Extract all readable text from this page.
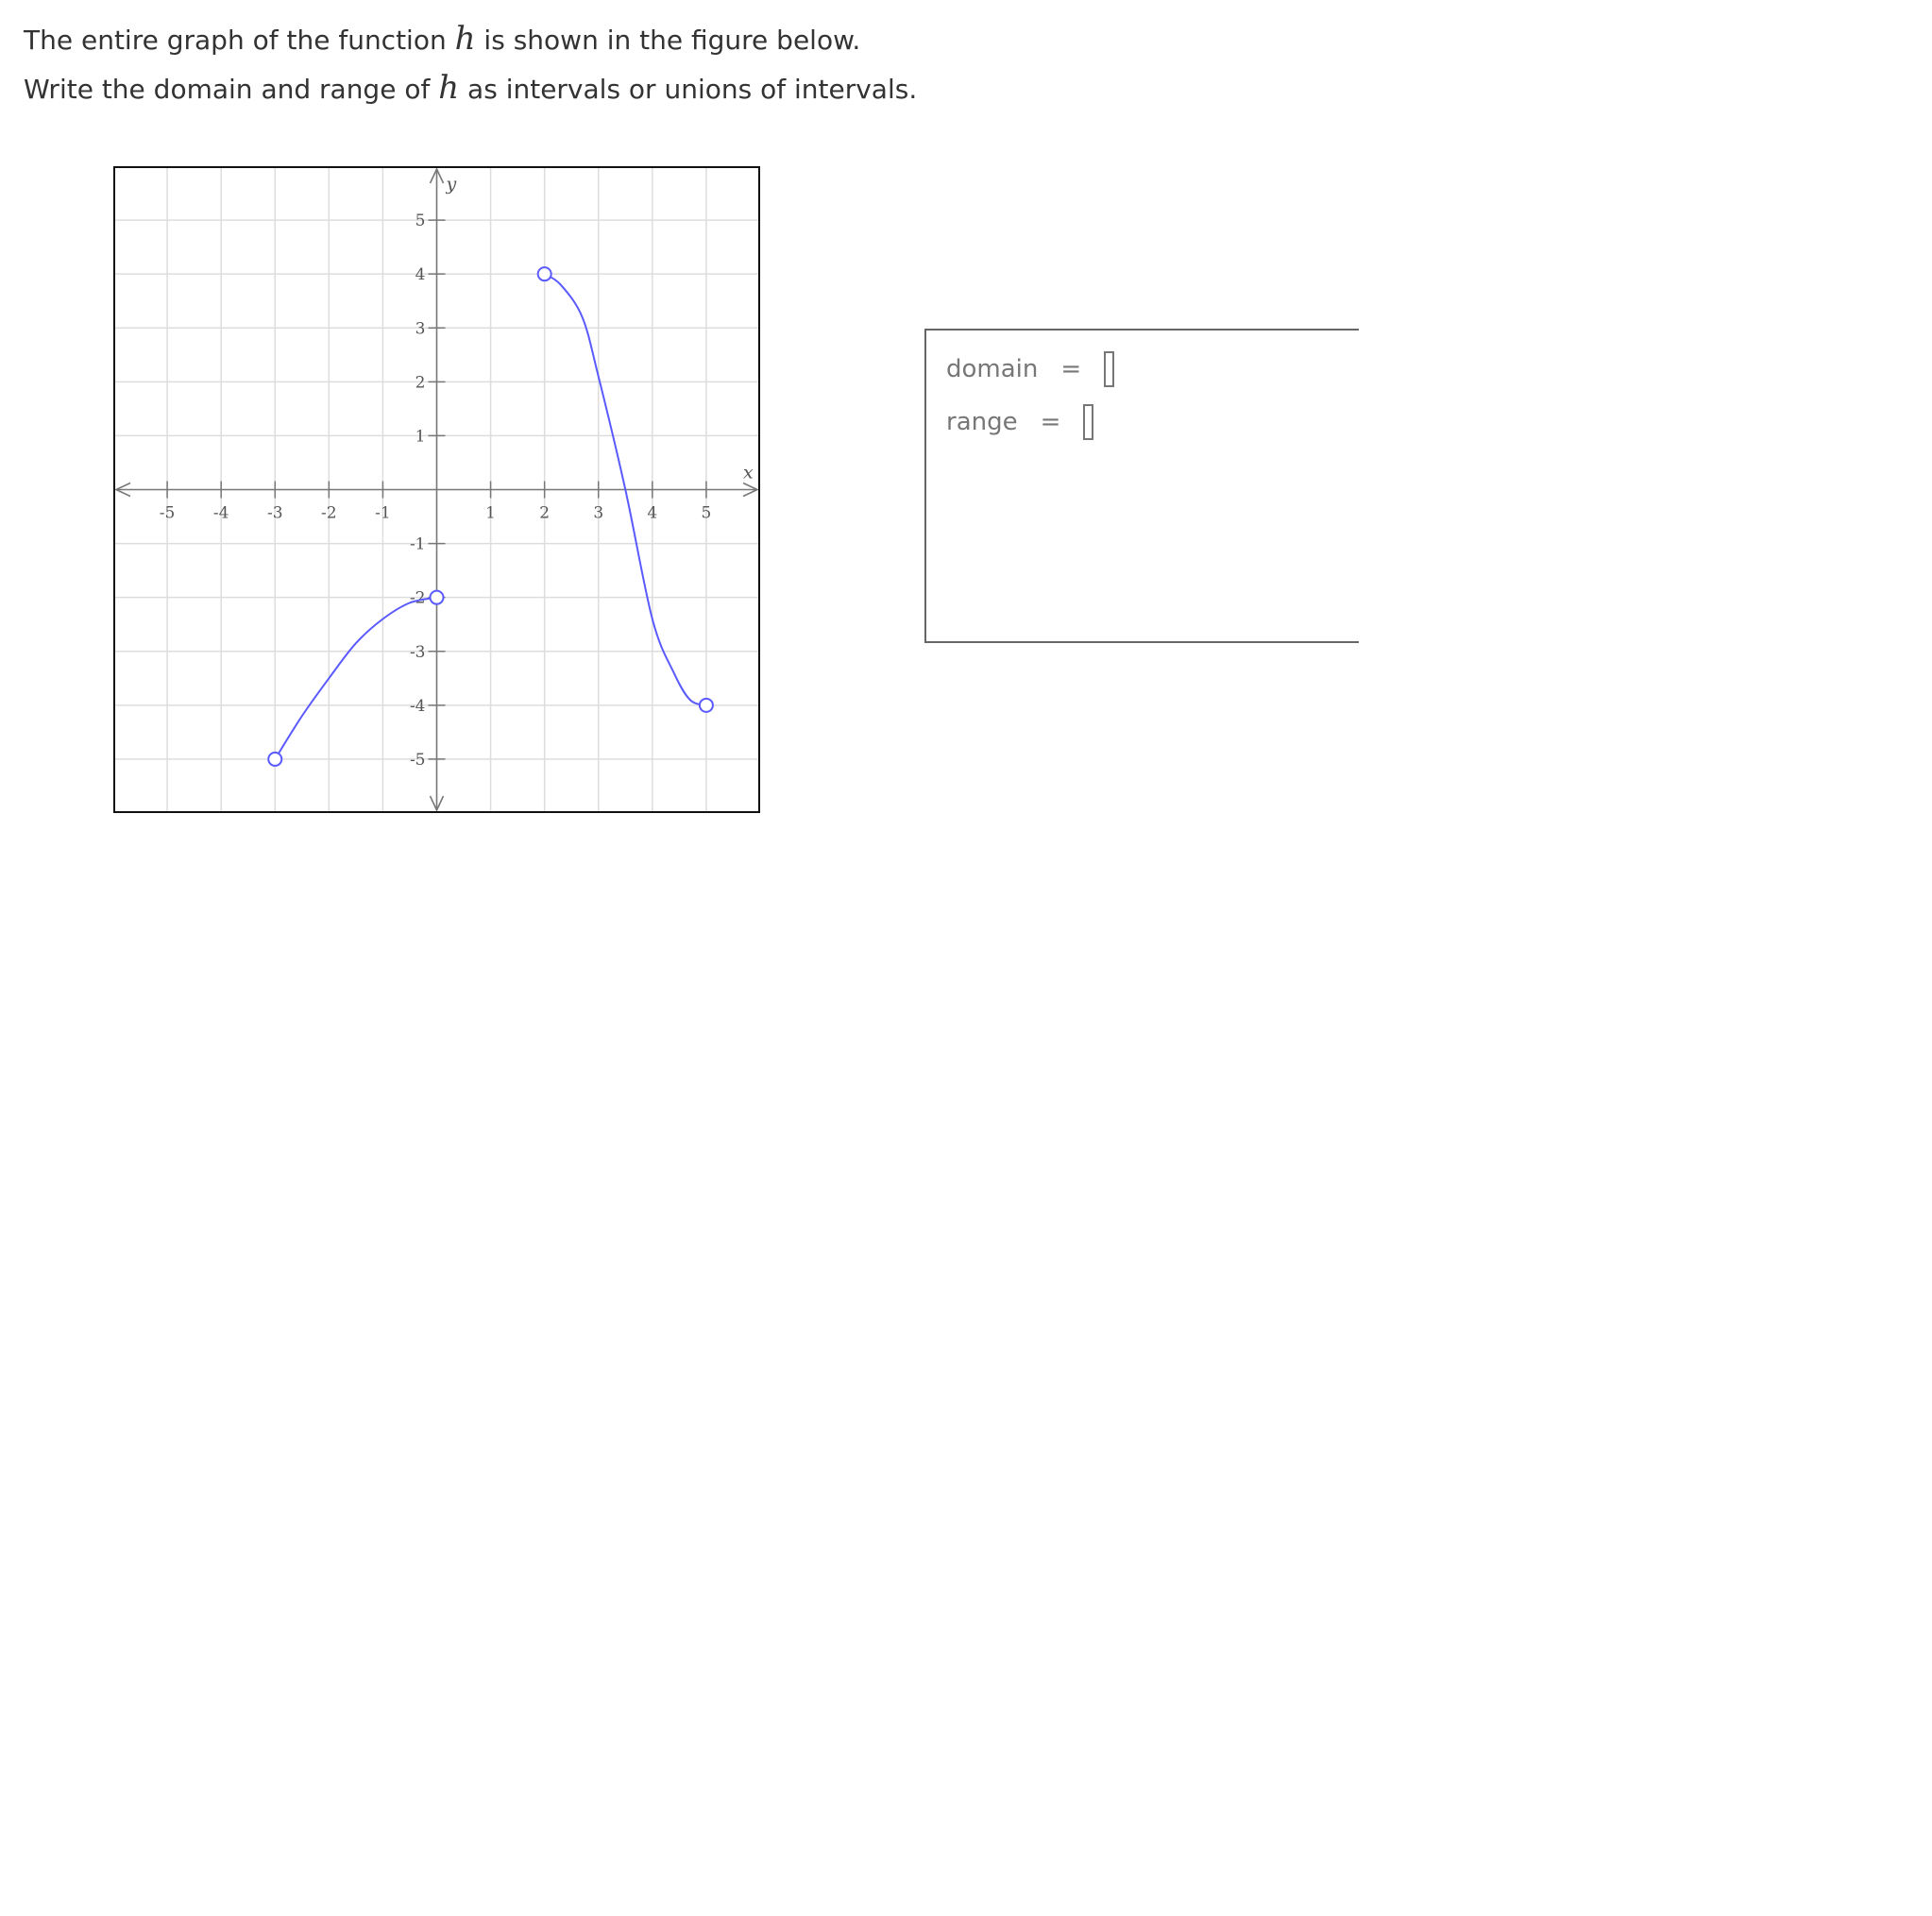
The entire graph of the function h is shown in the figure below.
Write the domain and range of h as intervals or unions of intervals.
x
y
-5 -4 -3 -2 -1	1	2	3	4	5
-5
-4
-3
-2
-1
1
2
3
4
5
domain =
range =
